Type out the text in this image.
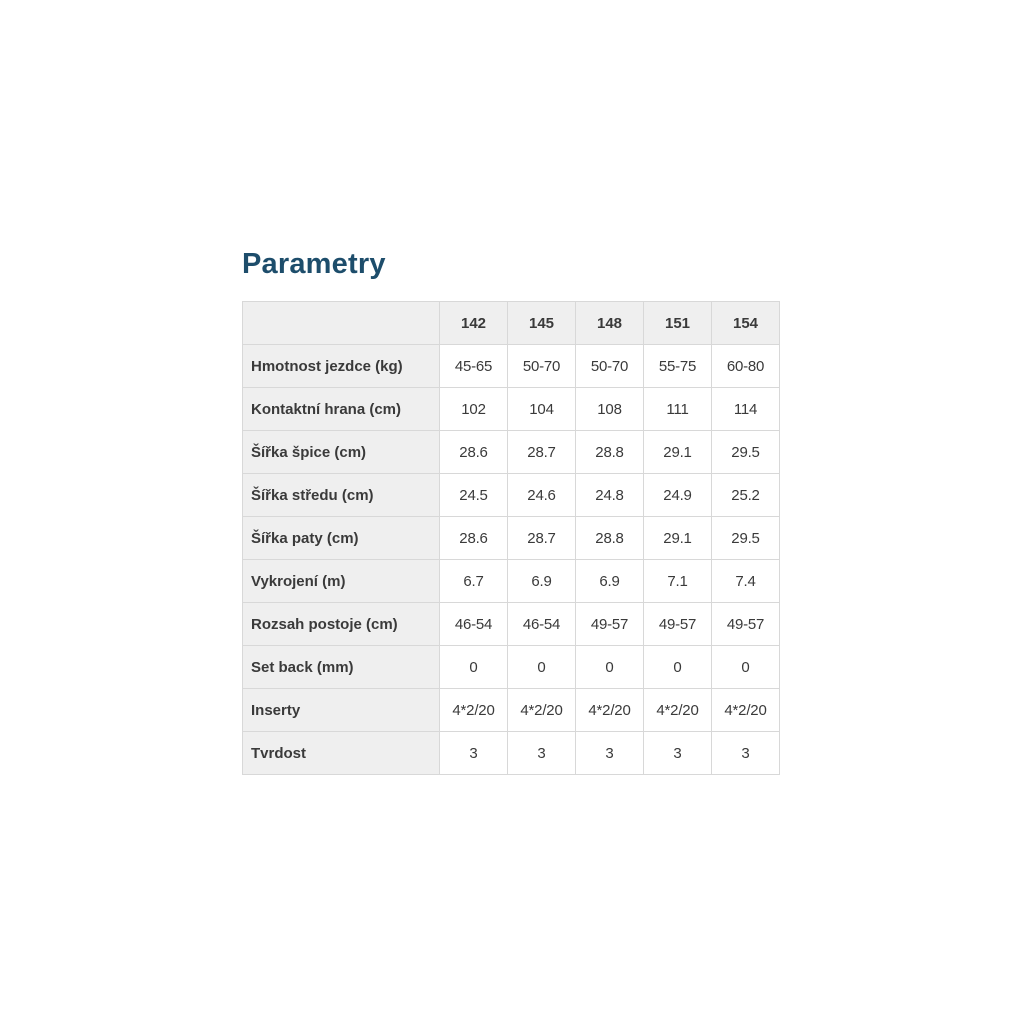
Parametry
	142	145	148	151	154
Hmotnost jezdce (kg)	45-65	50-70	50-70	55-75	60-80
Kontaktní hrana (cm)	102	104	108	111	114
Šířka špice (cm)	28.6	28.7	28.8	29.1	29.5
Šířka středu (cm)	24.5	24.6	24.8	24.9	25.2
Šířka paty (cm)	28.6	28.7	28.8	29.1	29.5
Vykrojení (m)	6.7	6.9	6.9	7.1	7.4
Rozsah postoje (cm)	46-54	46-54	49-57	49-57	49-57
Set back (mm)	0	0	0	0	0
Inserty	4*2/20	4*2/20	4*2/20	4*2/20	4*2/20
Tvrdost	3	3	3	3	3
